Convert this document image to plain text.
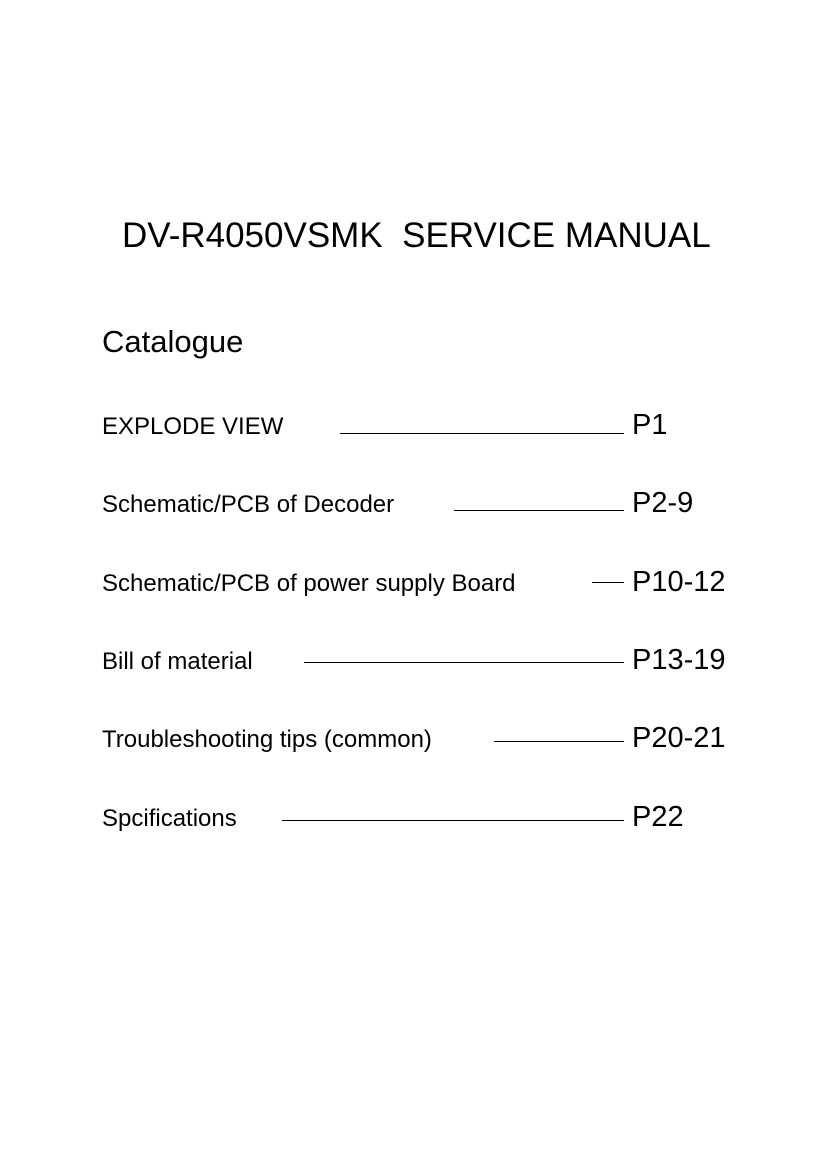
DV-R4050VSMK  SERVICE MANUAL
Catalogue
EXPLODE VIEW	P1
Schematic/PCB of Decoder	P2-9
Schematic/PCB of power supply Board	P10-12
Bill of material	P13-19
Troubleshooting tips (common)	P20-21
Spcifications	P22
